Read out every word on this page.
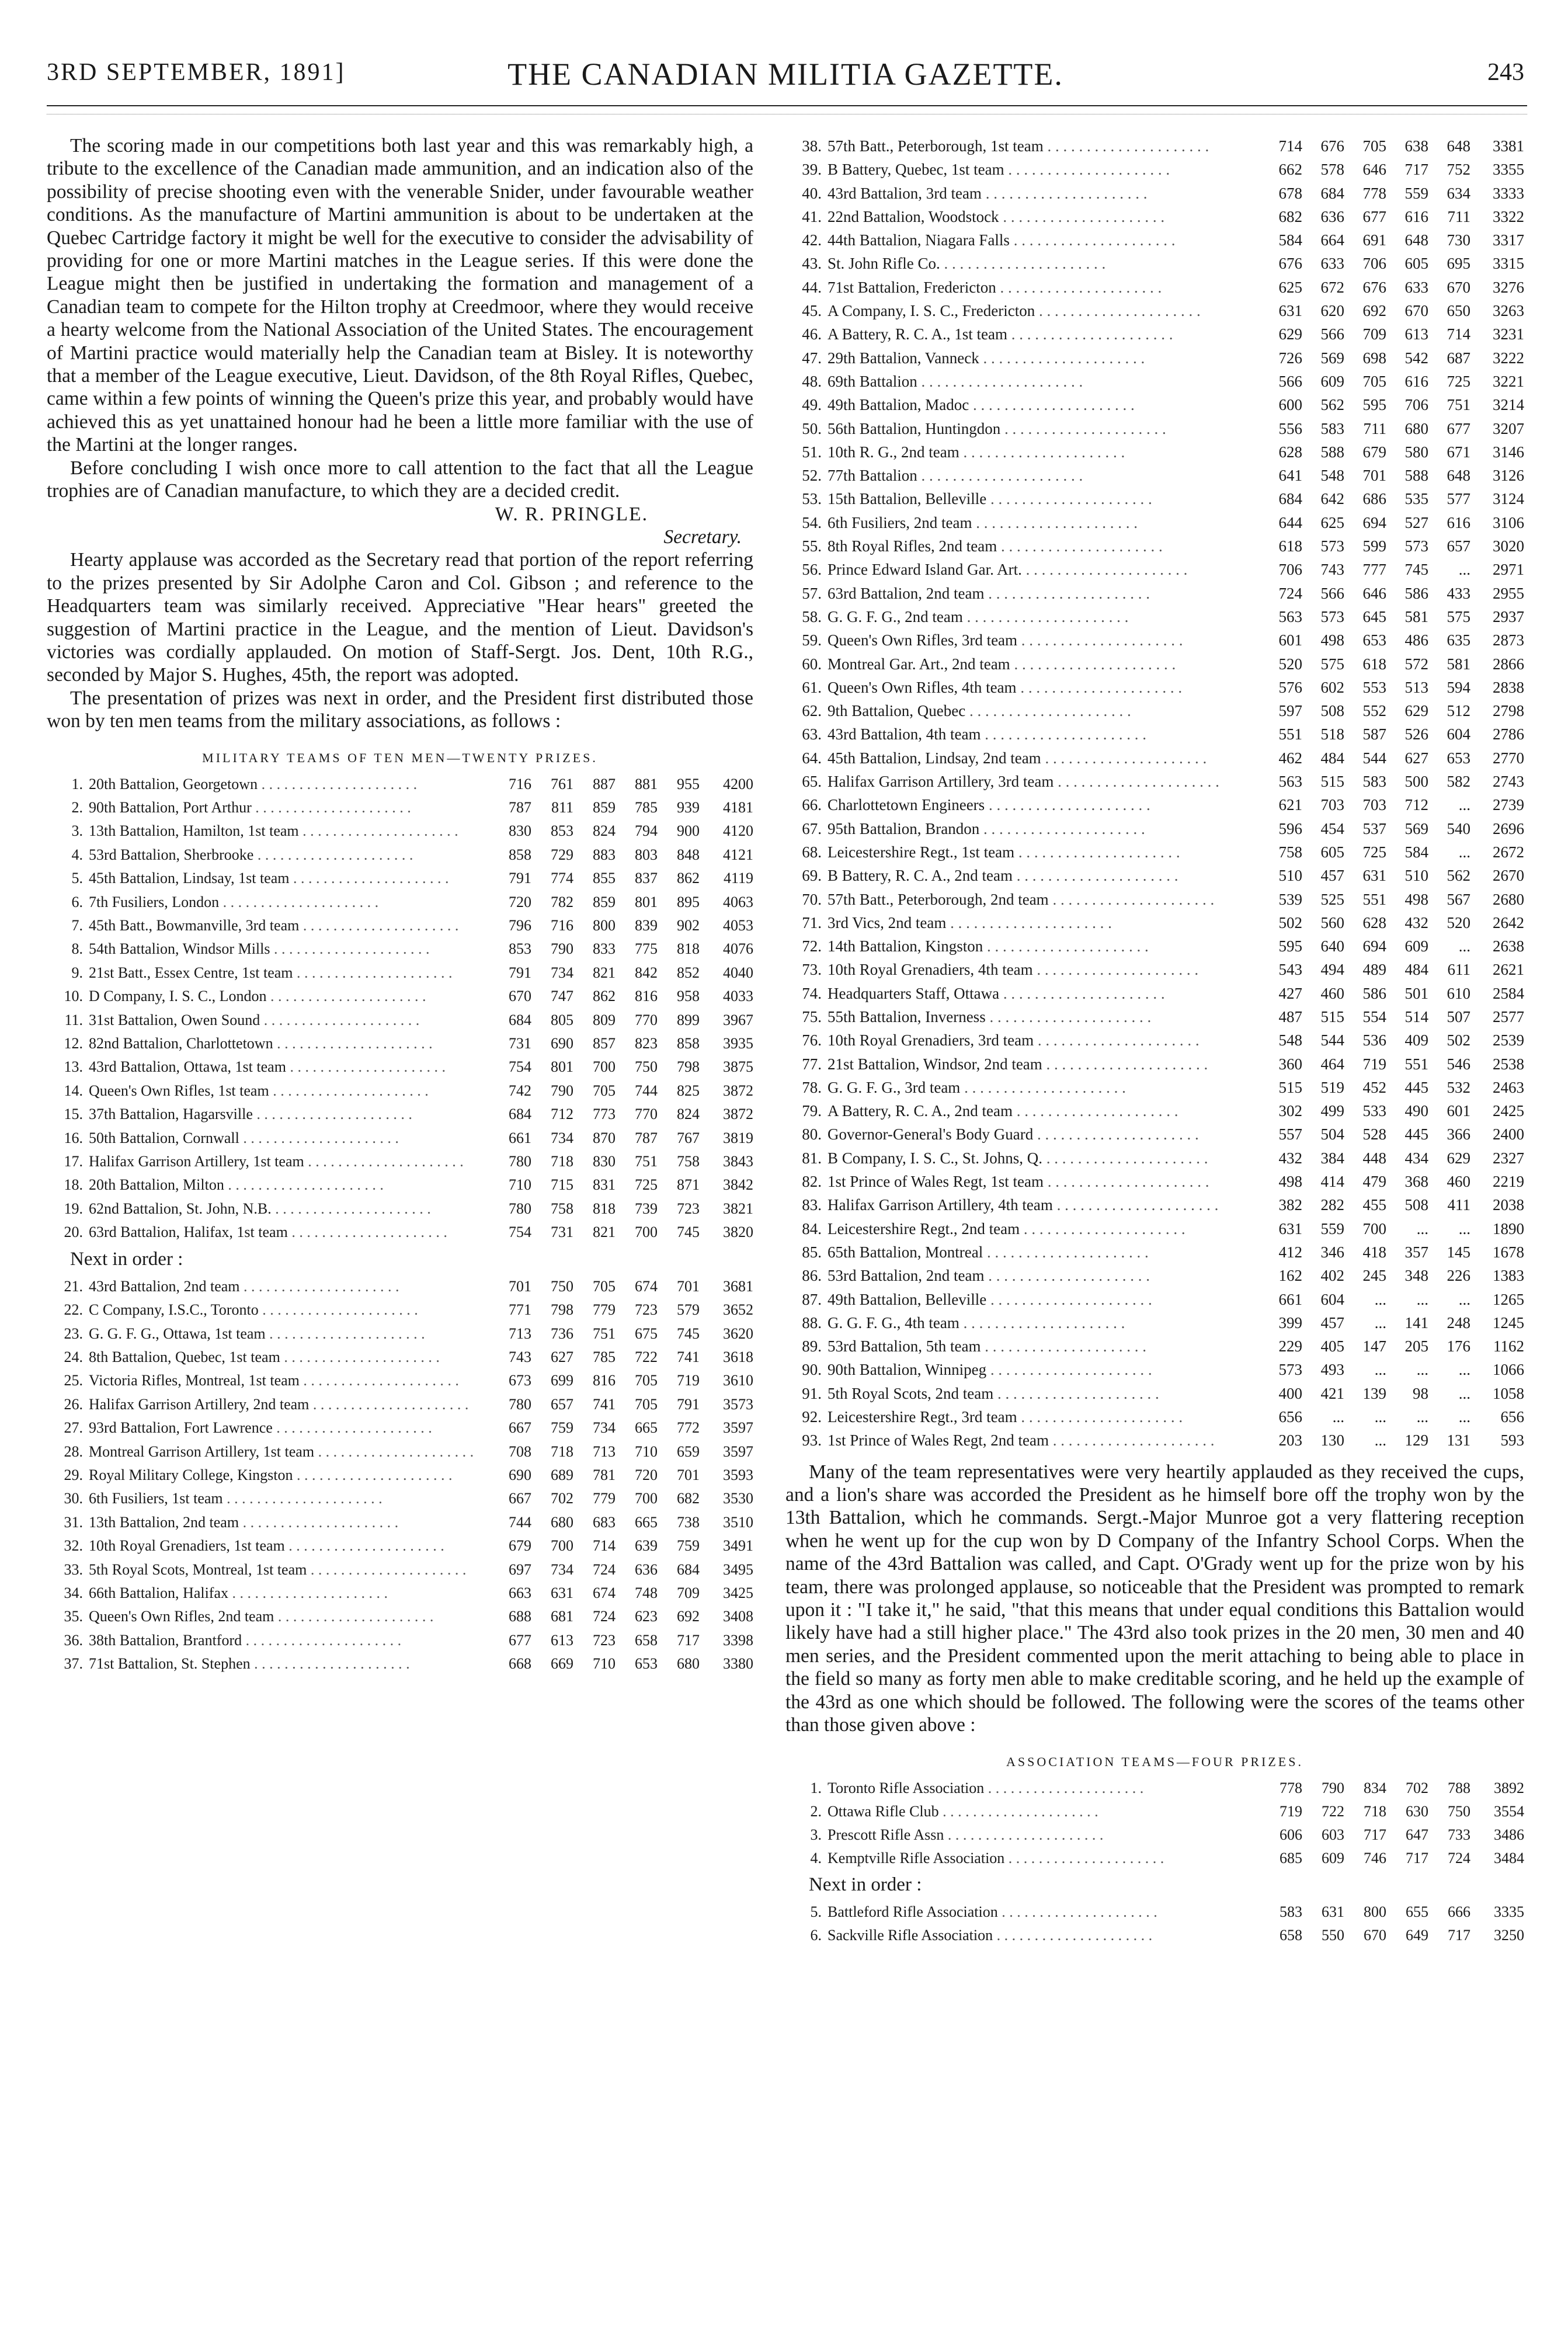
3RD SEPTEMBER, 1891]	THE CANADIAN MILITIA GAZETTE.	243

The scoring made in our competitions both last year and this was remarkably high, a tribute to the excellence of the Canadian made ammunition, and an indication also of the possibility of precise shooting even with the venerable Snider, under favourable weather conditions. As the manufacture of Martini ammunition is about to be undertaken at the Quebec Cartridge factory it might be well for the executive to consider the advisability of providing for one or more Martini matches in the League series. If this were done the League might then be justified in undertaking the formation and management of a Canadian team to compete for the Hilton trophy at Creedmoor, where they would receive a hearty welcome from the National Association of the United States. The encouragement of Martini practice would materially help the Canadian team at Bisley. It is noteworthy that a member of the League executive, Lieut. Davidson, of the 8th Royal Rifles, Quebec, came within a few points of winning the Queen's prize this year, and probably would have achieved this as yet unattained honour had he been a little more familiar with the use of the Martini at the longer ranges.

Before concluding I wish once more to call attention to the fact that all the League trophies are of Canadian manufacture, to which they are a decided credit.

W. R. PRINGLE.

Secretary.

Hearty applause was accorded as the Secretary read that portion of the report referring to the prizes presented by Sir Adolphe Caron and Col. Gibson ; and reference to the Headquarters team was similarly received. Appreciative "Hear hears" greeted the suggestion of Martini practice in the League, and the mention of Lieut. Davidson's victories was cordially applauded. On motion of Staff-Sergt. Jos. Dent, 10th R.G., seconded by Major S. Hughes, 45th, the report was adopted.

The presentation of prizes was next in order, and the President first distributed those won by ten men teams from the military associations, as follows :

MILITARY TEAMS OF TEN MEN—TWENTY PRIZES.
1.	20th Battalion, Georgetown . . .	716	761	887	881	955	4200
2.	90th Battalion, Port Arthur . . .	787	811	859	785	939	4181
3.	13th Battalion, Hamilton, 1st team . . .	830	853	824	794	900	4120
4.	53rd Battalion, Sherbrooke . . .	858	729	883	803	848	4121
5.	45th Battalion, Lindsay, 1st team . . .	791	774	855	837	862	4119
6.	7th Fusiliers, London . . .	720	782	859	801	895	4063
7.	45th Batt., Bowmanville, 3rd team . . .	796	716	800	839	902	4053
8.	54th Battalion, Windsor Mills . . .	853	790	833	775	818	4076
9.	21st Batt., Essex Centre, 1st team . . .	791	734	821	842	852	4040
10.	D Company, I. S. C., London . . .	670	747	862	816	958	4033
11.	31st Battalion, Owen Sound . . .	684	805	809	770	899	3967
12.	82nd Battalion, Charlottetown . . .	731	690	857	823	858	3935
13.	43rd Battalion, Ottawa, 1st team . . .	754	801	700	750	798	3875
14.	Queen's Own Rifles, 1st team . . .	742	790	705	744	825	3872
15.	37th Battalion, Hagarsville . . .	684	712	773	770	824	3872
16.	50th Battalion, Cornwall . . .	661	734	870	787	767	3819
17.	Halifax Garrison Artillery, 1st team . . .	780	718	830	751	758	3843
18.	20th Battalion, Milton . . .	710	715	831	725	871	3842
19.	62nd Battalion, St. John, N.B. . . .	780	758	818	739	723	3821
20.	63rd Battalion, Halifax, 1st team . . .	754	731	821	700	745	3820
Next in order :
21.	43rd Battalion, 2nd team . . .	701	750	705	674	701	3681
22.	C Company, I.S.C., Toronto . . .	771	798	779	723	579	3652
23.	G. G. F. G., Ottawa, 1st team . . .	713	736	751	675	745	3620
24.	8th Battalion, Quebec, 1st team . . .	743	627	785	722	741	3618
25.	Victoria Rifles, Montreal, 1st team . . .	673	699	816	705	719	3610
26.	Halifax Garrison Artillery, 2nd team . . .	780	657	741	705	791	3573
27.	93rd Battalion, Fort Lawrence . . .	667	759	734	665	772	3597
28.	Montreal Garrison Artillery, 1st team . . .	708	718	713	710	659	3597
29.	Royal Military College, Kingston . . .	690	689	781	720	701	3593
30.	6th Fusiliers, 1st team . . .	667	702	779	700	682	3530
31.	13th Battalion, 2nd team . . .	744	680	683	665	738	3510
32.	10th Royal Grenadiers, 1st team . . .	679	700	714	639	759	3491
33.	5th Royal Scots, Montreal, 1st team . . .	697	734	724	636	684	3495
34.	66th Battalion, Halifax . . .	663	631	674	748	709	3425
35.	Queen's Own Rifles, 2nd team . . .	688	681	724	623	692	3408
36.	38th Battalion, Brantford . . .	677	613	723	658	717	3398
37.	71st Battalion, St. Stephen . . .	668	669	710	653	680	3380
38.	57th Batt., Peterborough, 1st team . . .	714	676	705	638	648	3381
39.	B Battery, Quebec, 1st team . . .	662	578	646	717	752	3355
40.	43rd Battalion, 3rd team . . .	678	684	778	559	634	3333
41.	22nd Battalion, Woodstock . . .	682	636	677	616	711	3322
42.	44th Battalion, Niagara Falls . . .	584	664	691	648	730	3317
43.	St. John Rifle Co. . . .	676	633	706	605	695	3315
44.	71st Battalion, Fredericton . . .	625	672	676	633	670	3276
45.	A Company, I. S. C., Fredericton . . .	631	620	692	670	650	3263
46.	A Battery, R. C. A., 1st team . . .	629	566	709	613	714	3231
47.	29th Battalion, Vanneck . . .	726	569	698	542	687	3222
48.	69th Battalion . . .	566	609	705	616	725	3221
49.	49th Battalion, Madoc . . .	600	562	595	706	751	3214
50.	56th Battalion, Huntingdon . . .	556	583	711	680	677	3207
51.	10th R. G., 2nd team . . .	628	588	679	580	671	3146
52.	77th Battalion . . .	641	548	701	588	648	3126
53.	15th Battalion, Belleville . . .	684	642	686	535	577	3124
54.	6th Fusiliers, 2nd team . . .	644	625	694	527	616	3106
55.	8th Royal Rifles, 2nd team . . .	618	573	599	573	657	3020
56.	Prince Edward Island Gar. Art. . . .	706	743	777	745	...	2971
57.	63rd Battalion, 2nd team . . .	724	566	646	586	433	2955
58.	G. G. F. G., 2nd team . . .	563	573	645	581	575	2937
59.	Queen's Own Rifles, 3rd team . . .	601	498	653	486	635	2873
60.	Montreal Gar. Art., 2nd team . . .	520	575	618	572	581	2866
61.	Queen's Own Rifles, 4th team . . .	576	602	553	513	594	2838
62.	9th Battalion, Quebec . . .	597	508	552	629	512	2798
63.	43rd Battalion, 4th team . . .	551	518	587	526	604	2786
64.	45th Battalion, Lindsay, 2nd team . . .	462	484	544	627	653	2770
65.	Halifax Garrison Artillery, 3rd team . . .	563	515	583	500	582	2743
66.	Charlottetown Engineers . . .	621	703	703	712	...	2739
67.	95th Battalion, Brandon . . .	596	454	537	569	540	2696
68.	Leicestershire Regt., 1st team . . .	758	605	725	584	...	2672
69.	B Battery, R. C. A., 2nd team . . .	510	457	631	510	562	2670
70.	57th Batt., Peterborough, 2nd team . . .	539	525	551	498	567	2680
71.	3rd Vics, 2nd team . . .	502	560	628	432	520	2642
72.	14th Battalion, Kingston . . .	595	640	694	609	...	2638
73.	10th Royal Grenadiers, 4th team . . .	543	494	489	484	611	2621
74.	Headquarters Staff, Ottawa . . .	427	460	586	501	610	2584
75.	55th Battalion, Inverness . . .	487	515	554	514	507	2577
76.	10th Royal Grenadiers, 3rd team . . .	548	544	536	409	502	2539
77.	21st Battalion, Windsor, 2nd team . . .	360	464	719	551	546	2538
78.	G. G. F. G., 3rd team . . .	515	519	452	445	532	2463
79.	A Battery, R. C. A., 2nd team . . .	302	499	533	490	601	2425
80.	Governor-General's Body Guard . . .	557	504	528	445	366	2400
81.	B Company, I. S. C., St. Johns, Q. . . .	432	384	448	434	629	2327
82.	1st Prince of Wales Regt, 1st team . . .	498	414	479	368	460	2219
83.	Halifax Garrison Artillery, 4th team . . .	382	282	455	508	411	2038
84.	Leicestershire Regt., 2nd team . . .	631	559	700	...	...	1890
85.	65th Battalion, Montreal . . .	412	346	418	357	145	1678
86.	53rd Battalion, 2nd team . . .	162	402	245	348	226	1383
87.	49th Battalion, Belleville . . .	661	604	...	...	...	1265
88.	G. G. F. G., 4th team . . .	399	457	...	141	248	1245
89.	53rd Battalion, 5th team . . .	229	405	147	205	176	1162
90.	90th Battalion, Winnipeg . . .	573	493	...	...	...	1066
91.	5th Royal Scots, 2nd team . . .	400	421	139	98	...	1058
92.	Leicestershire Regt., 3rd team . . .	656	...	...	...	...	656
93.	1st Prince of Wales Regt, 2nd team . . .	203	130	...	129	131	593

Many of the team representatives were very heartily applauded as they received the cups, and a lion's share was accorded the President as he himself bore off the trophy won by the 13th Battalion, which he commands. Sergt.-Major Munroe got a very flattering reception when he went up for the cup won by D Company of the Infantry School Corps. When the name of the 43rd Battalion was called, and Capt. O'Grady went up for the prize won by his team, there was prolonged applause, so noticeable that the President was prompted to remark upon it : "I take it," he said, "that this means that under equal conditions this Battalion would likely have had a still higher place." The 43rd also took prizes in the 20 men, 30 men and 40 men series, and the President commented upon the merit attaching to being able to place in the field so many as forty men able to make creditable scoring, and he held up the example of the 43rd as one which should be followed. The following were the scores of the teams other than those given above :

ASSOCIATION TEAMS—FOUR PRIZES.
1.	Toronto Rifle Association . . .	778	790	834	702	788	3892
2.	Ottawa Rifle Club . . .	719	722	718	630	750	3554
3.	Prescott Rifle Assn . . .	606	603	717	647	733	3486
4.	Kemptville Rifle Association . . .	685	609	746	717	724	3484
Next in order :
5.	Battleford Rifle Association . . .	583	631	800	655	666	3335
6.	Sackville Rifle Association . . .	658	550	670	649	717	3250
